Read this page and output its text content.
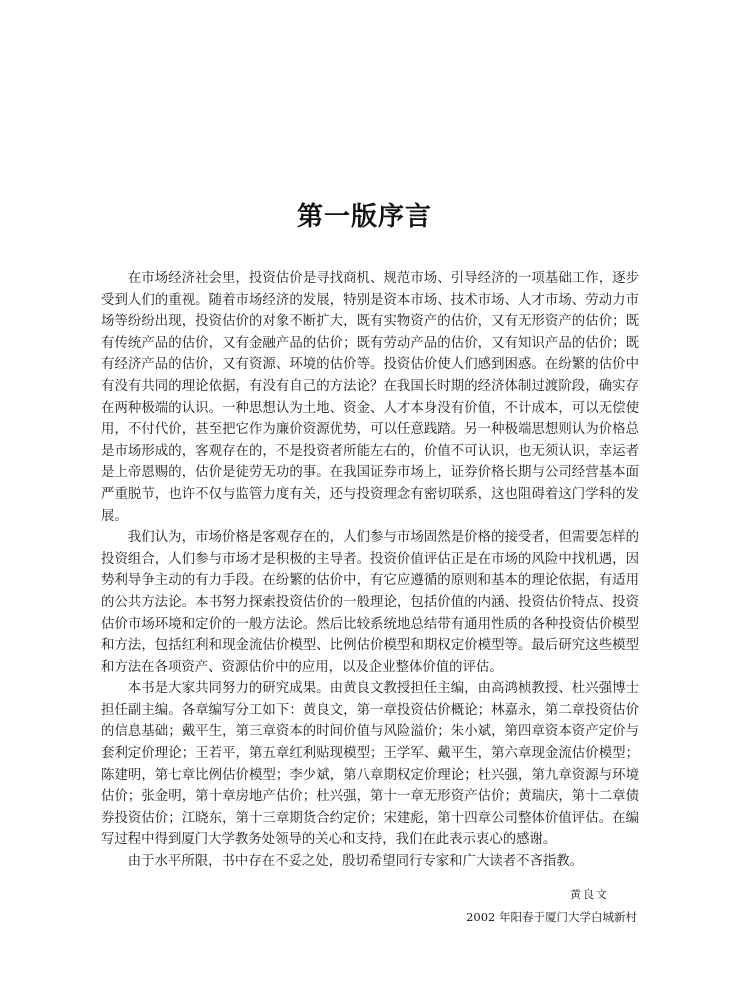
第一版序言

在市场经济社会里，投资估价是寻找商机、规范市场、引导经济的一项基础工作，逐步受到人们的重视。随着市场经济的发展，特别是资本市场、技术市场、人才市场、劳动力市场等纷纷出现，投资估价的对象不断扩大，既有实物资产的估价，又有无形资产的估价；既有传统产品的估价，又有金融产品的估价；既有劳动产品的估价，又有知识产品的估价；既有经济产品的估价，又有资源、环境的估价等。投资估价使人们感到困惑。在纷繁的估价中有没有共同的理论依据，有没有自己的方法论？在我国长时期的经济体制过渡阶段，确实存在两种极端的认识。一种思想认为土地、资金、人才本身没有价值，不计成本，可以无偿使用，不付代价，甚至把它作为廉价资源优势，可以任意践踏。另一种极端思想则认为价格总是市场形成的，客观存在的，不是投资者所能左右的，价值不可认识，也无须认识，幸运者是上帝恩赐的，估价是徒劳无功的事。在我国证券市场上，证券价格长期与公司经营基本面严重脱节，也许不仅与监管力度有关，还与投资理念有密切联系，这也阻碍着这门学科的发展。

我们认为，市场价格是客观存在的，人们参与市场固然是价格的接受者，但需要怎样的投资组合，人们参与市场才是积极的主导者。投资价值评估正是在市场的风险中找机遇，因势利导争主动的有力手段。在纷繁的估价中，有它应遵循的原则和基本的理论依据，有适用的公共方法论。本书努力探索投资估价的一般理论，包括价值的内涵、投资估价特点、投资估价市场环境和定价的一般方法论。然后比较系统地总结带有通用性质的各种投资估价模型和方法，包括红利和现金流估价模型、比例估价模型和期权定价模型等。最后研究这些模型和方法在各项资产、资源估价中的应用，以及企业整体价值的评估。

本书是大家共同努力的研究成果。由黄良文教授担任主编，由高鸿桢教授、杜兴强博士担任副主编。各章编写分工如下：黄良文，第一章投资估价概论；林嘉永，第二章投资估价的信息基础；戴平生，第三章资本的时间价值与风险溢价；朱小斌，第四章资本资产定价与套利定价理论；王若平，第五章红利贴现模型；王学军、戴平生，第六章现金流估价模型；陈建明，第七章比例估价模型；李少斌，第八章期权定价理论；杜兴强，第九章资源与环境估价；张金明，第十章房地产估价；杜兴强，第十一章无形资产估价；黄瑞庆，第十二章债券投资估价；江晓东，第十三章期货合约定价；宋建彪，第十四章公司整体价值评估。在编写过程中得到厦门大学教务处领导的关心和支持，我们在此表示衷心的感谢。

由于水平所限，书中存在不妥之处，殷切希望同行专家和广大读者不吝指教。

黄良文
2002 年阳春于厦门大学白城新村
